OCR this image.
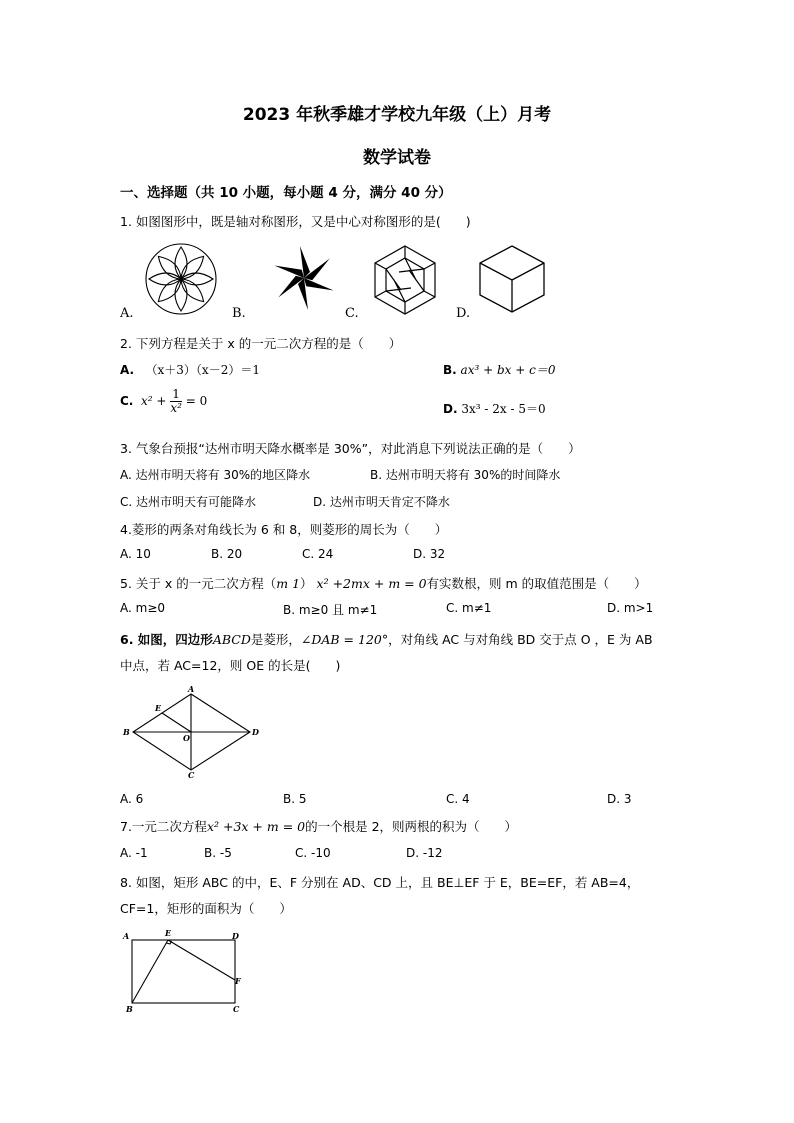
2023 年秋季雄才学校九年级（上）月考
数学试卷
一、选择题（共 10 小题，每小题 4 分，满分 40 分）
1. 如图图形中，既是轴对称图形，又是中心对称图形的是(　　)
A.	B.	C.	D.
2. 下列方程是关于 x 的一元二次方程的是（　　）
A. （x＋3）（x－2）＝1	B. ax³ + bx + c＝0
C. $x^2 + \frac{1}{\text{x²}} = 0$
D. 3x³ - 2x - 5＝0
3. 气象台预报“达州市明天降水概率是 30%”，对此消息下列说法正确的是（　　）
A. 达州市明天将有 30%的地区降水	B. 达州市明天将有 30%的时间降水
C. 达州市明天有可能降水	D. 达州市明天肯定不降水
4.菱形的两条对角线长为 6 和 8，则菱形的周长为（　　）
A. 10	B. 20	C. 24	D. 32
5. 关于 x 的一元二次方程（m 1） x² +2mx + m = 0有实数根，则 m 的取值范围是（　　）
A. m≥0	B. m≥0 且 m≠1	C. m≠1	D. m>1
6. 如图，四边形ABCD是菱形，∠DAB = 120°，对角线 AC 与对角线 BD 交于点 O ，E 为 AB
中点，若 AC=12，则 OE 的长是(　　)
A
E
B
O
D
C
A. 6	B. 5	C. 4	D. 3
7.一元二次方程x² +3x + m = 0的一个根是 2，则两根的积为（　　）
A. -1	B. -5	C. -10	D. -12
8. 如图，矩形 ABC 的中，E、F 分别在 AD、CD 上，且 BE⊥EF 于 E，BE=EF，若 AB=4，
CF=1，矩形的面积为（　　）
A	E	D
F
B	C
